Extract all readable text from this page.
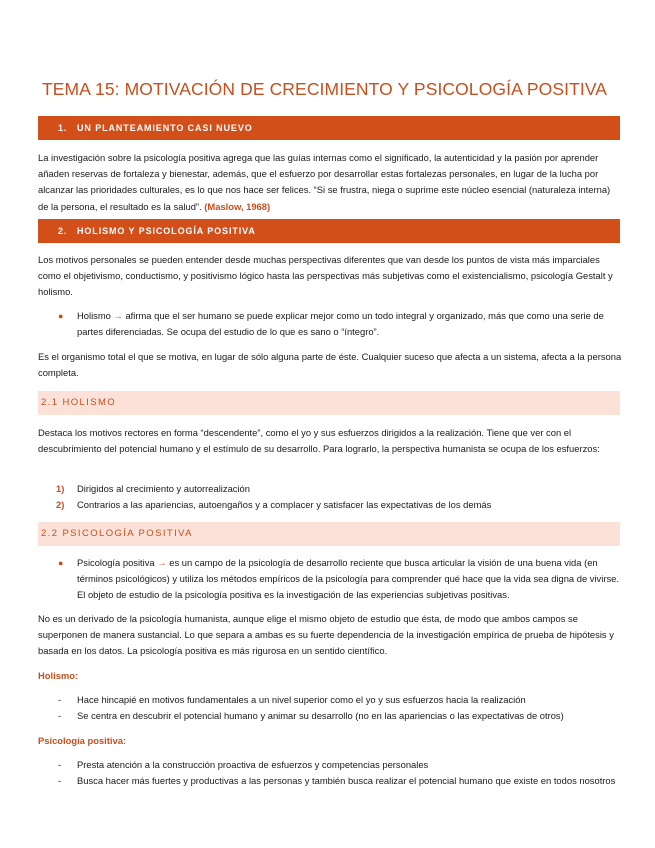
TEMA 15: MOTIVACIÓN DE CRECIMIENTO Y PSICOLOGÍA POSITIVA
1. UN PLANTEAMIENTO CASI NUEVO

La investigación sobre la psicología positiva agrega que las guías internas como el significado, la autenticidad y la pasión por aprender añaden reservas de fortaleza y bienestar, además, que el esfuerzo por desarrollar estas fortalezas personales, en lugar de la lucha por alcanzar las prioridades culturales, es lo que nos hace ser felices. “Si se frustra, niega o suprime este núcleo esencial (naturaleza interna) de la persona, el resultado es la salud”. (Maslow, 1968)

2. HOLISMO Y PSICOLOGÍA POSITIVA

Los motivos personales se pueden entender desde muchas perspectivas diferentes que van desde los puntos de vista más imparciales como el objetivismo, conductismo, y positivismo lógico hasta las perspectivas más subjetivas como el existencialismo, psicología Gestalt y holismo.

● Holismo → afirma que el ser humano se puede explicar mejor como un todo integral y organizado, más que como una serie de partes diferenciadas. Se ocupa del estudio de lo que es sano o “íntegro”.

Es el organismo total el que se motiva, en lugar de sólo alguna parte de éste. Cualquier suceso que afecta a un sistema, afecta a la persona completa.

2.1 HOLISMO

Destaca los motivos rectores en forma “descendente”, como el yo y sus esfuerzos dirigidos a la realización. Tiene que ver con el descubrimiento del potencial humano y el estímulo de su desarrollo. Para lograrlo, la perspectiva humanista se ocupa de los esfuerzos:

1) Dirigidos al crecimiento y autorrealización

2) Contrarios a las apariencias, autoengaños y a complacer y satisfacer las expectativas de los demás

2.2 PSICOLOGÍA POSITIVA
● Psicología positiva → es un campo de la psicología de desarrollo reciente que busca articular la visión de una buena vida (en términos psicológicos) y utiliza los métodos empíricos de la psicología para comprender qué hace que la vida sea digna de vivirse. El objeto de estudio de la psicología positiva es la investigación de las experiencias subjetivas positivas.

No es un derivado de la psicología humanista, aunque elige el mismo objeto de estudio que ésta, de modo que ambos campos se superponen de manera sustancial. Lo que separa a ambas es su fuerte dependencia de la investigación empírica de prueba de hipótesis y basada en los datos. La psicología positiva es más rigurosa en un sentido científico.

Holismo:
- Hace hincapié en motivos fundamentales a un nivel superior como el yo y sus esfuerzos hacia la realización

- Se centra en descubrir el potencial humano y animar su desarrollo (no en las apariencias o las expectativas de otros)

Psicología positiva:
- Presta atención a la construcción proactiva de esfuerzos y competencias personales

- Busca hacer más fuertes y productivas a las personas y también busca realizar el potencial humano que existe en todos nosotros
